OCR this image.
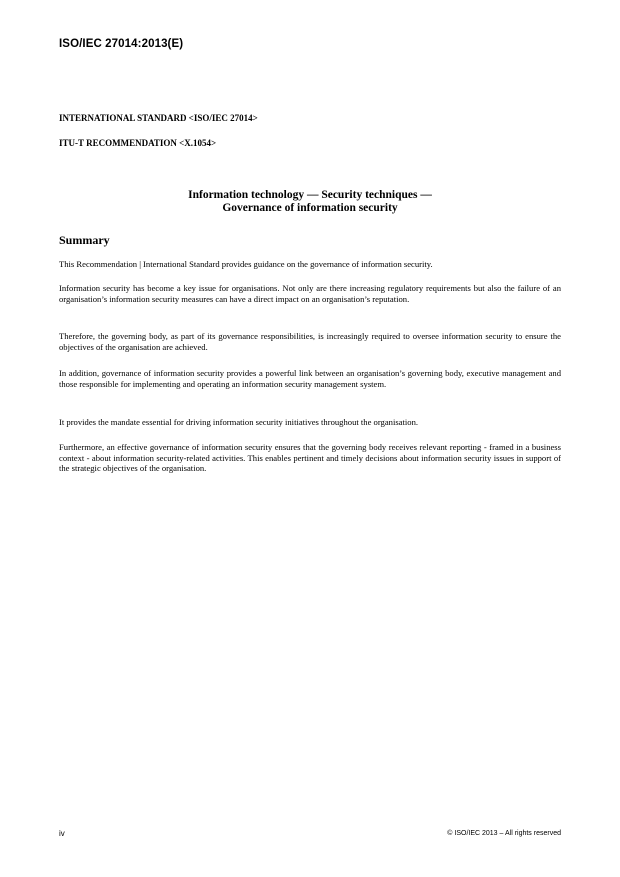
ISO/IEC 27014:2013(E)
INTERNATIONAL STANDARD <ISO/IEC 27014>
ITU-T RECOMMENDATION <X.1054>
Information technology — Security techniques —
Governance of information security
Summary

This Recommendation | International Standard provides guidance on the governance of information security.

Information security has become a key issue for organisations. Not only are there increasing regulatory requirements but also the failure of an organisation’s information security measures can have a direct impact on an organisation’s reputation.

Therefore, the governing body, as part of its governance responsibilities, is increasingly required to oversee information security to ensure the objectives of the organisation are achieved.

In addition, governance of information security provides a powerful link between an organisation’s governing body, executive management and those responsible for implementing and operating an information security management system.

It provides the mandate essential for driving information security initiatives throughout the organisation.

Furthermore, an effective governance of information security ensures that the governing body receives relevant reporting - framed in a business context - about information security-related activities. This enables pertinent and timely decisions about information security issues in support of the strategic objectives of the organisation.

iv	© ISO/IEC 2013 – All rights reserved
